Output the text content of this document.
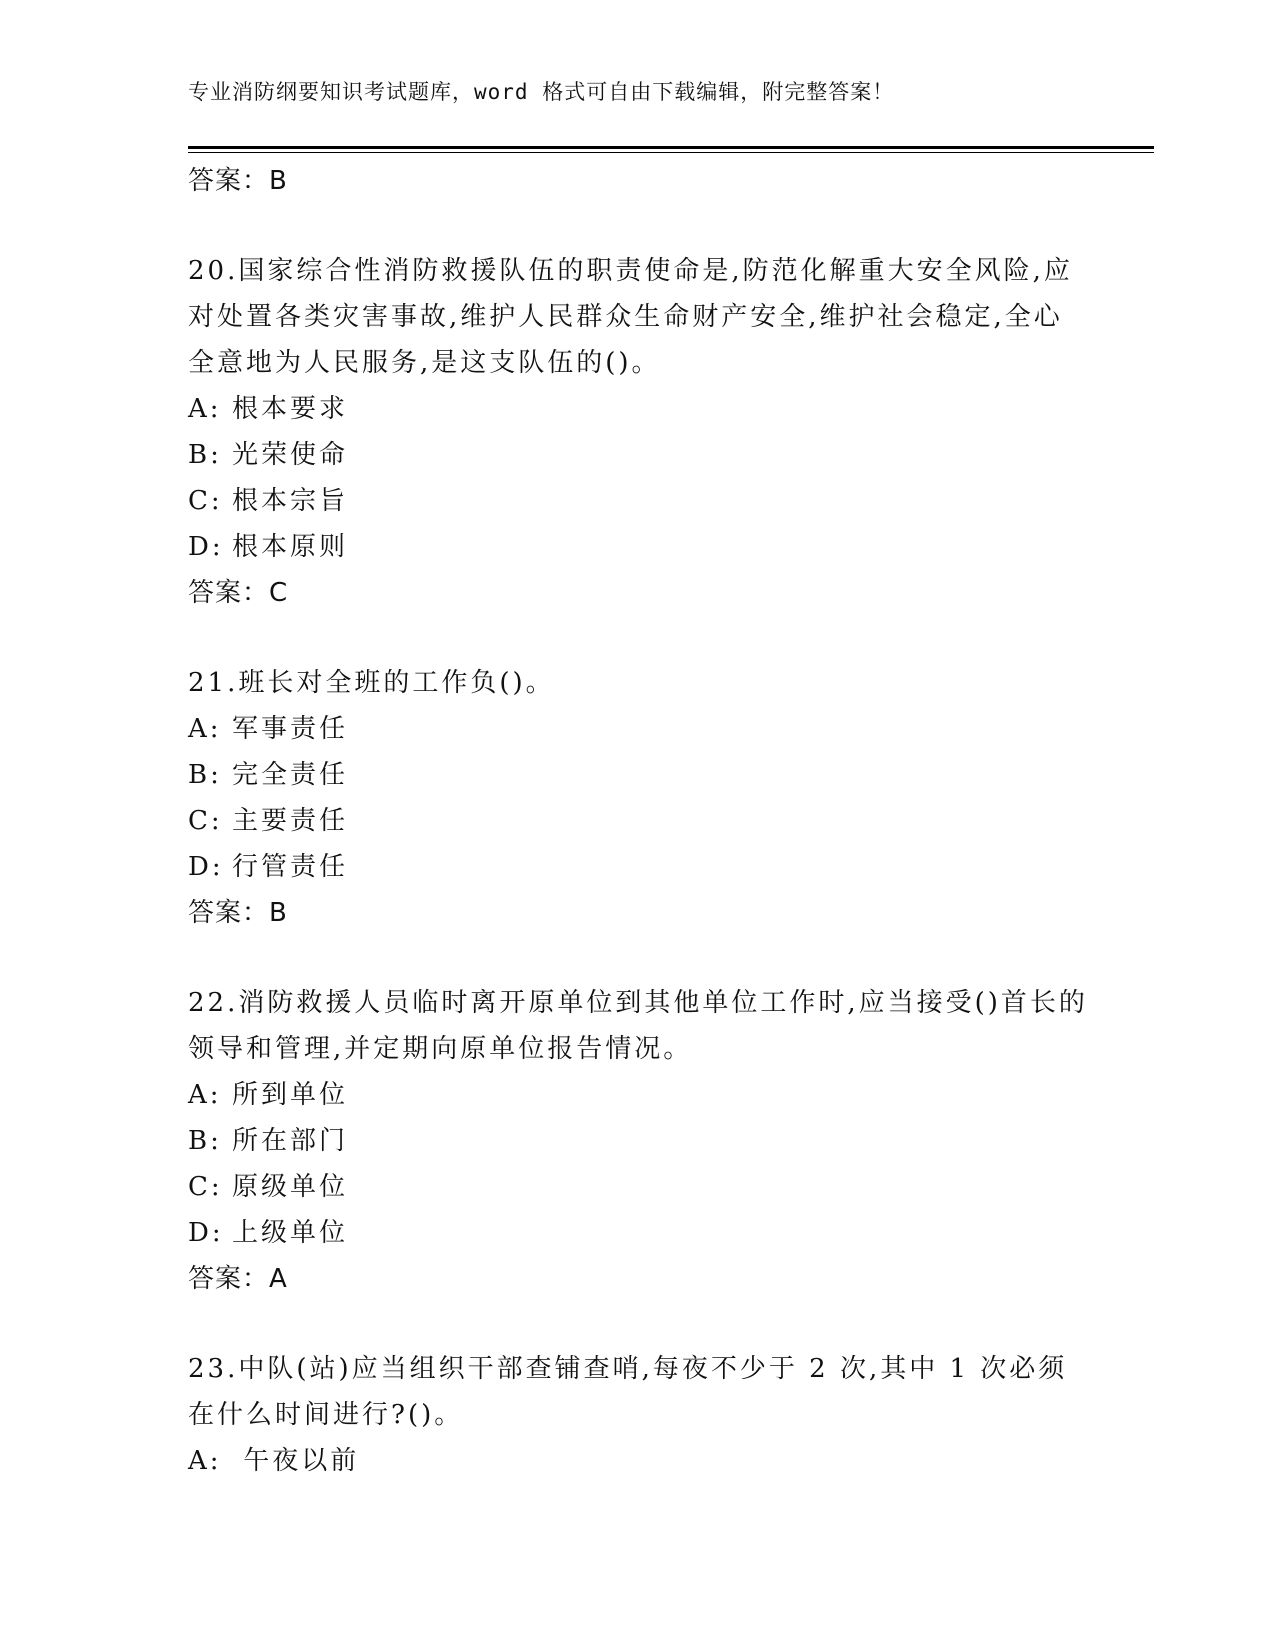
专业消防纲要知识考试题库，word 格式可自由下载编辑，附完整答案！
答案：B
20.国家综合性消防救援队伍的职责使命是,防范化解重大安全风险,应对处置各类灾害事故,维护人民群众生命财产安全,维护社会稳定,全心全意地为人民服务,是这支队伍的()。
A: 根本要求
B: 光荣使命
C: 根本宗旨
D: 根本原则
答案：C
21.班长对全班的工作负()。
A: 军事责任
B: 完全责任
C: 主要责任
D: 行管责任
答案：B
22.消防救援人员临时离开原单位到其他单位工作时,应当接受()首长的领导和管理,并定期向原单位报告情况。
A: 所到单位
B: 所在部门
C: 原级单位
D: 上级单位
答案：A
23.中队(站)应当组织干部查铺查哨,每夜不少于 2 次,其中 1 次必须在什么时间进行?()。
A: 午夜以前
